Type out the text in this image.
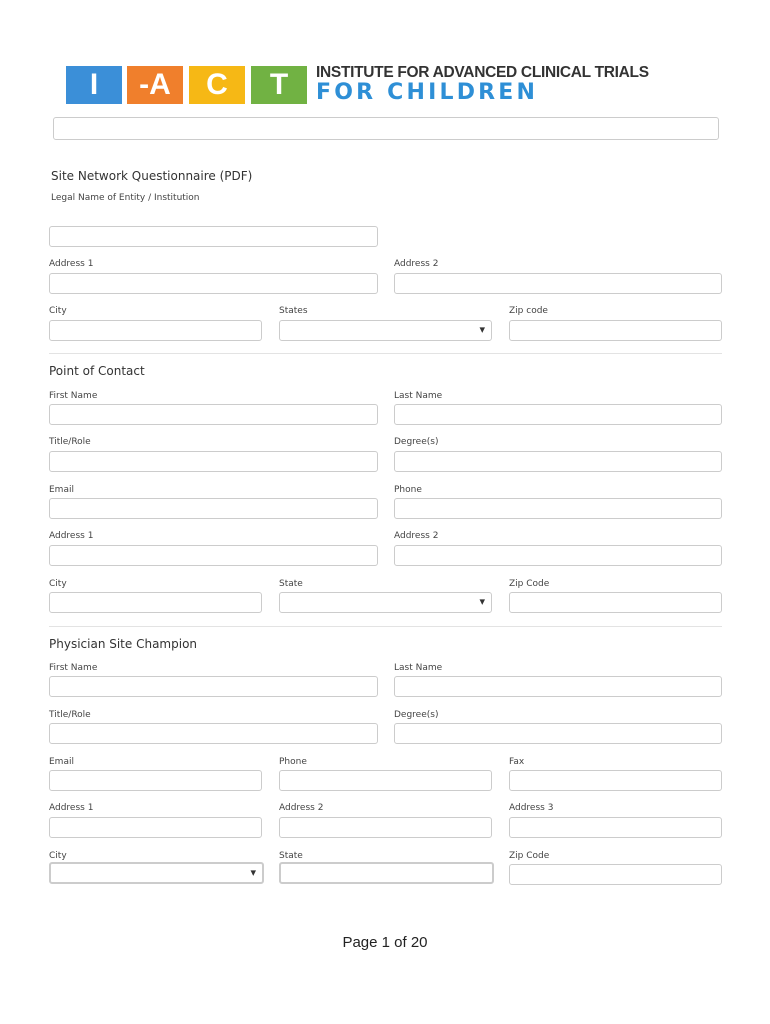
I	-A	C	T	INSTITUTE FOR ADVANCED CLINICAL TRIALS
FOR CHILDREN
Site Network Questionnaire (PDF)
Legal Name of Entity / Institution
Address 1	Address 2
City	States	Zip code
▾
Point of Contact
First Name	Last Name
Title/Role	Degree(s)
Email	Phone
Address 1	Address 2
City	State	Zip Code
▾
Physician Site Champion
First Name	Last Name
Title/Role	Degree(s)
Email	Phone	Fax
Address 1	Address 2	Address 3
City	State	Zip Code
▾
Page 1 of 20
